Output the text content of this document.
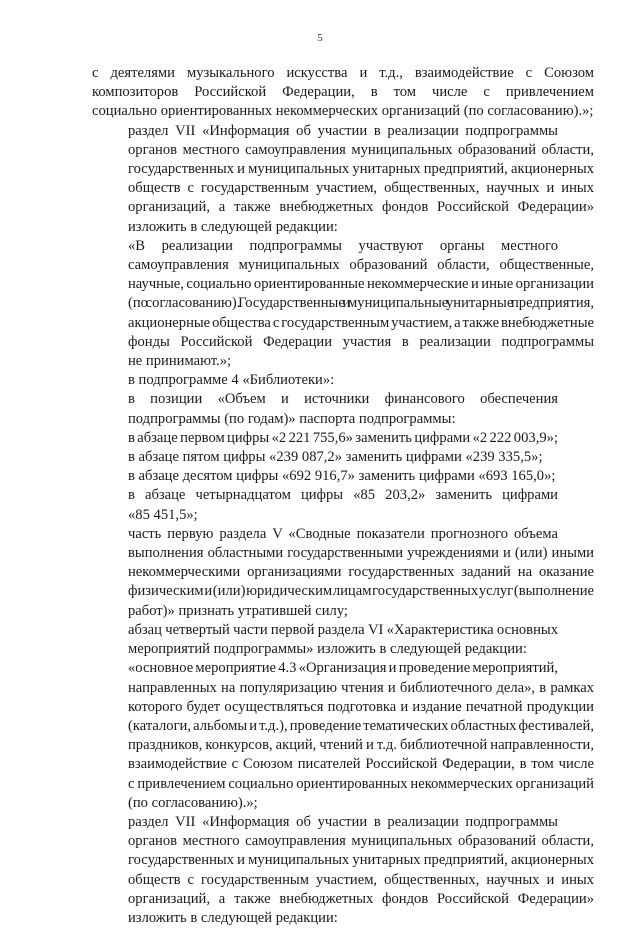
5

с деятелями музыкального искусства и т.д., взаимодействие с Союзом
композиторов Российской Федерации, в том числе с привлечением
социально ориентированных некоммерческих организаций (по согласованию).»;

раздел VII «Информация об участии в реализации подпрограммы
органов местного самоуправления муниципальных образований области,
государственных и муниципальных унитарных предприятий, акционерных
обществ с государственным участием, общественных, научных и иных
организаций, а также внебюджетных фондов Российской Федерации»
изложить в следующей редакции:

«В реализации подпрограммы участвуют органы местного
самоуправления муниципальных образований области, общественные,
научные, социально ориентированные некоммерческие и иные организации
(по согласованию). Государственные и муниципальные унитарные предприятия,
акционерные общества с государственным участием, а также внебюджетные
фонды Российской Федерации участия в реализации подпрограммы
не принимают.»;

в подпрограмме 4 «Библиотеки»:

в позиции «Объем и источники финансового обеспечения
подпрограммы (по годам)» паспорта подпрограммы:

в абзаце первом цифры «2 221 755,6» заменить цифрами «2 222 003,9»;

в абзаце пятом цифры «239 087,2» заменить цифрами «239 335,5»;

в абзаце десятом цифры «692 916,7» заменить цифрами «693 165,0»;

в абзаце четырнадцатом цифры «85 203,2» заменить цифрами
«85 451,5»;

часть первую раздела V «Сводные показатели прогнозного объема
выполнения областными государственными учреждениями и (или) иными
некоммерческими организациями государственных заданий на оказание
физическим и (или) юридическим лицам государственных услуг (выполнение
работ)» признать утратившей силу;

абзац четвертый части первой раздела VI «Характеристика основных
мероприятий подпрограммы» изложить в следующей редакции:

«основное мероприятие 4.3 «Организация и проведение мероприятий,
направленных на популяризацию чтения и библиотечного дела», в рамках
которого будет осуществляться подготовка и издание печатной продукции
(каталоги, альбомы и т.д.), проведение тематических областных фестивалей,
праздников, конкурсов, акций, чтений и т.д. библиотечной направленности,
взаимодействие с Союзом писателей Российской Федерации, в том числе
с привлечением социально ориентированных некоммерческих организаций
(по согласованию).»;

раздел VII «Информация об участии в реализации подпрограммы
органов местного самоуправления муниципальных образований области,
государственных и муниципальных унитарных предприятий, акционерных
обществ с государственным участием, общественных, научных и иных
организаций, а также внебюджетных фондов Российской Федерации»
изложить в следующей редакции:
